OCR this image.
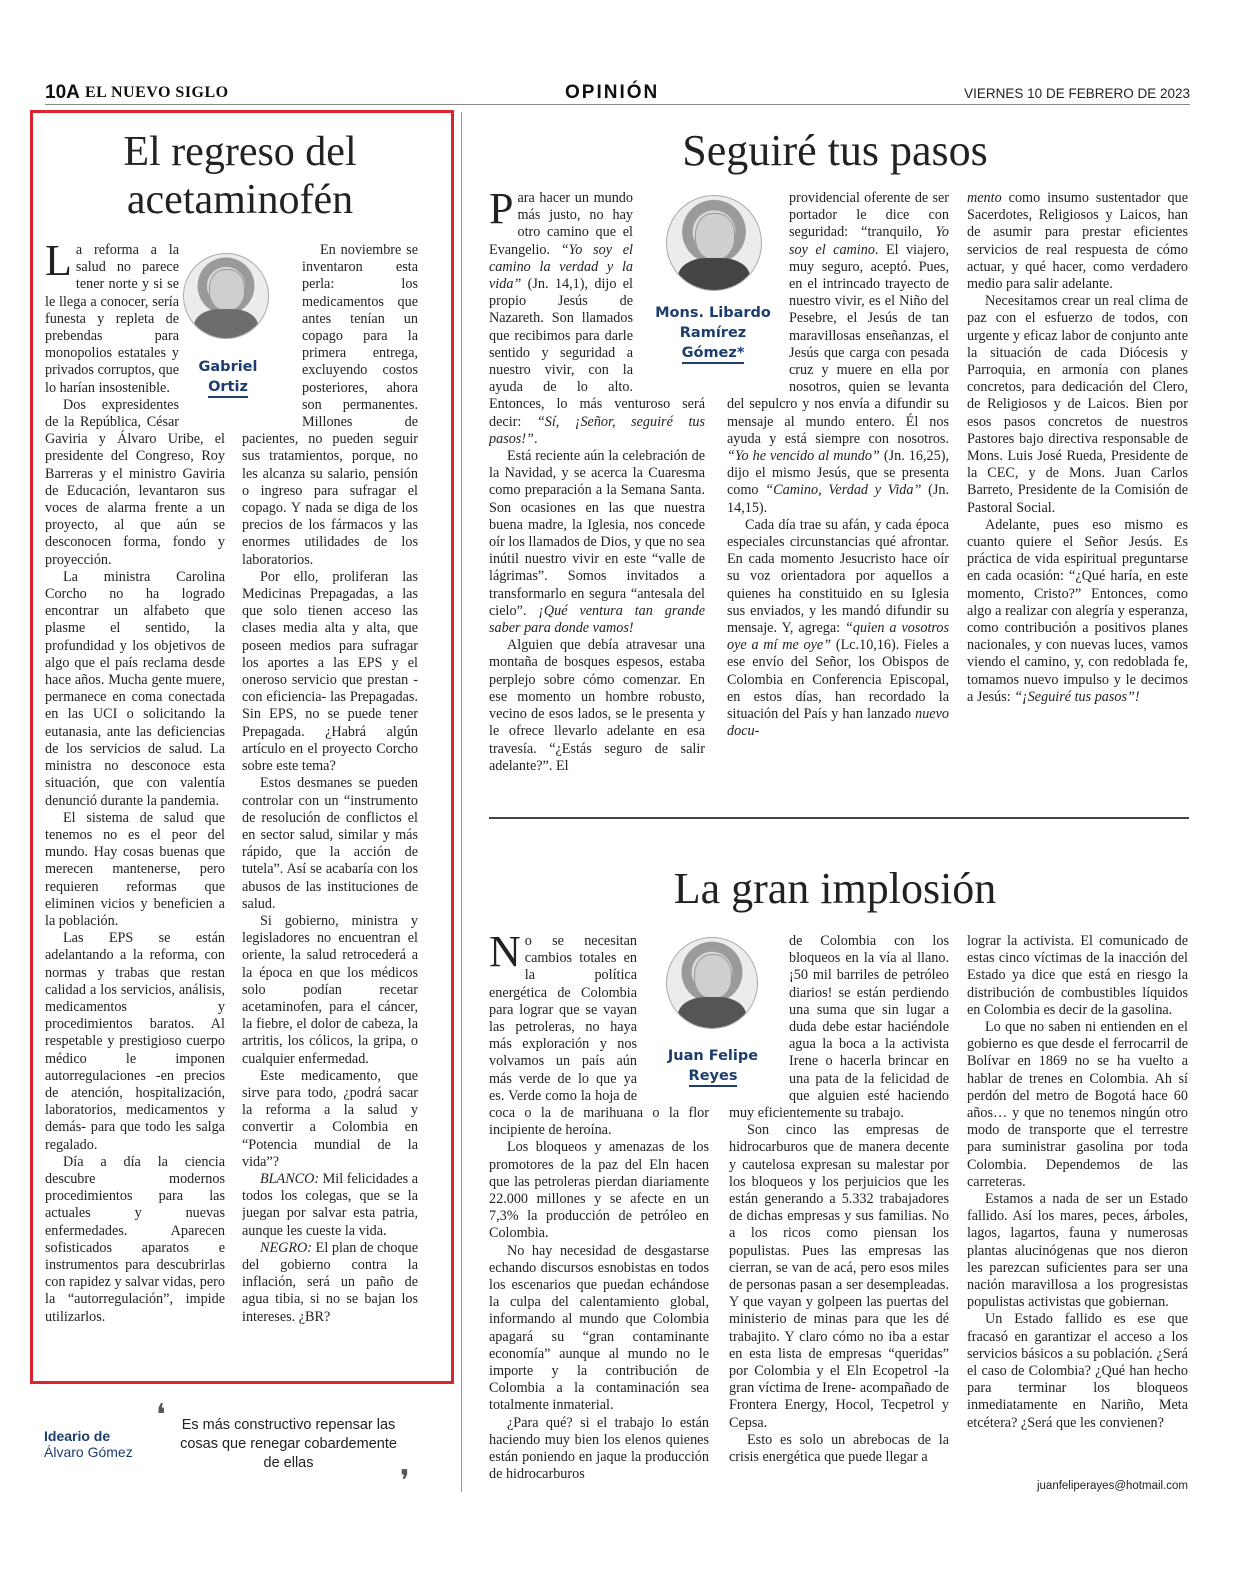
10A EL NUEVO SIGLO	OPINIÓN	VIERNES 10 DE FEBRERO DE 2023
El regreso del
acetaminofén
Gabriel
Ortiz

La reforma a la salud no parece tener norte y si se le llega a conocer, sería funesta y repleta de prebendas para monopolios estatales y privados corruptos, que lo harían insostenible.

Dos expresidentes de la República, César Gaviria y Álvaro Uribe, el presidente del Congreso, Roy Barreras y el ministro Gaviria de Educación, levantaron sus voces de alarma frente a un proyecto, al que aún se desconocen forma, fondo y proyección.

La ministra Carolina Corcho no ha logrado encontrar un alfabeto que plasme el sentido, la profundidad y los objetivos de algo que el país reclama desde hace años. Mucha gente muere, permanece en coma conectada en las UCI o solicitando la eutanasia, ante las deficiencias de los servicios de salud. La ministra no desconoce esta situación, que con valentía denunció durante la pandemia.

El sistema de salud que tenemos no es el peor del mundo. Hay cosas buenas que merecen mantenerse, pero requieren reformas que eliminen vicios y beneficien a la población.

Las EPS se están adelantando a la reforma, con normas y trabas que restan calidad a los servicios, análisis, medicamentos y procedimientos baratos. Al respetable y prestigioso cuerpo médico le imponen autorregulaciones -en precios de atención, hospitalización, laboratorios, medicamentos y demás- para que todo les salga regalado.

Día a día la ciencia descubre modernos procedimientos para las actuales y nuevas enfermedades. Aparecen sofisticados aparatos e instrumentos para descubrirlas con rapidez y salvar vidas, pero la “autorregulación”, impide utilizarlos.

En noviembre se inventaron esta perla: los medicamentos que antes tenían un copago para la primera entrega, excluyendo costos posteriores, ahora son permanentes. Millones de pacientes, no pueden seguir sus tratamientos, porque, no les alcanza su salario, pensión o ingreso para sufragar el copago. Y nada se diga de los precios de los fármacos y las enormes utilidades de los laboratorios.

Por ello, proliferan las Medicinas Prepagadas, a las que solo tienen acceso las clases media alta y alta, que poseen medios para sufragar los aportes a las EPS y el oneroso servicio que prestan -con eficiencia- las Prepagadas. Sin EPS, no se puede tener Prepagada. ¿Habrá algún artículo en el proyecto Corcho sobre este tema?

Estos desmanes se pueden controlar con un “instrumento de resolución de conflictos el en sector salud, similar y más rápido, que la acción de tutela”. Así se acabaría con los abusos de las instituciones de salud.

Si gobierno, ministra y legisladores no encuentran el oriente, la salud retrocederá a la época en que los médicos solo podían recetar acetaminofen, para el cáncer, la fiebre, el dolor de cabeza, la artritis, los cólicos, la gripa, o cualquier enfermedad.

Este medicamento, que sirve para todo, ¿podrá sacar la reforma a la salud y convertir a Colombia en “Potencia mundial de la vida”?

BLANCO: Mil felicidades a todos los colegas, que se la juegan por salvar esta patria, aunque les cueste la vida.

NEGRO: El plan de choque del gobierno contra la inflación, será un paño de agua tibia, si no se bajan los intereses. ¿BR?

Ideario de
Álvaro Gómez
❛	Es más constructivo repensar las cosas que renegar cobardemente de ellas
❜
Seguiré tus pasos
Mons. Libardo
Ramírez
Gómez*

Para hacer un mundo más justo, no hay otro camino que el Evangelio. “Yo soy el camino la verdad y la vida” (Jn. 14,1), dijo el propio Jesús de Nazareth. Son llamados que recibimos para darle sentido y seguridad a nuestro vivir, con la ayuda de lo alto. Entonces, lo más venturoso será decir: “Sí, ¡Señor, seguiré tus pasos!”.

Está reciente aún la celebración de la Navidad, y se acerca la Cuaresma como preparación a la Semana Santa. Son ocasiones en las que nuestra buena madre, la Iglesia, nos concede oír los llamados de Dios, y que no sea inútil nuestro vivir en este “valle de lágrimas”. Somos invitados a transformarlo en segura “antesala del cielo”. ¡Qué ventura tan grande saber para donde vamos!

Alguien que debía atravesar una montaña de bosques espesos, estaba perplejo sobre cómo comenzar. En ese momento un hombre robusto, vecino de esos lados, se le presenta y le ofrece llevarlo adelante en esa travesía. “¿Estás seguro de salir adelante?”. El

providencial oferente de ser portador le dice con seguridad: “tranquilo, Yo soy el camino. El viajero, muy seguro, aceptó. Pues, en el intrincado trayecto de nuestro vivir, es el Niño del Pesebre, el Jesús de tan maravillosas enseñanzas, el Jesús que carga con pesada cruz y muere en ella por nosotros, quien se levanta del sepulcro y nos envía a difundir su mensaje al mundo entero. Él nos ayuda y está siempre con nosotros. “Yo he vencido al mundo” (Jn. 16,25), dijo el mismo Jesús, que se presenta como “Camino, Verdad y Vida” (Jn. 14,15).

Cada día trae su afán, y cada época especiales circunstancias qué afrontar. En cada momento Jesucristo hace oír su voz orientadora por aquellos a quienes ha constituido en su Iglesia sus enviados, y les mandó difundir su mensaje. Y, agrega: “quien a vosotros oye a mí me oye” (Lc.10,16). Fieles a ese envío del Señor, los Obispos de Colombia en Conferencia Episcopal, en estos días, han recordado la situación del País y han lanzado nuevo docu-

mento como insumo sustentador que Sacerdotes, Religiosos y Laicos, han de asumir para prestar eficientes servicios de real respuesta de cómo actuar, y qué hacer, como verdadero medio para salir adelante.

Necesitamos crear un real clima de paz con el esfuerzo de todos, con urgente y eficaz labor de conjunto ante la situación de cada Diócesis y Parroquia, en armonía con planes concretos, para dedicación del Clero, de Religiosos y de Laicos. Bien por esos pasos concretos de nuestros Pastores bajo directiva responsable de Mons. Luis José Rueda, Presidente de la CEC, y de Mons. Juan Carlos Barreto, Presidente de la Comisión de Pastoral Social.

Adelante, pues eso mismo es cuanto quiere el Señor Jesús. Es práctica de vida espiritual preguntarse en cada ocasión: “¿Qué haría, en este momento, Cristo?” Entonces, como algo a realizar con alegría y esperanza, como contribución a positivos planes nacionales, y con nuevas luces, vamos viendo el camino, y, con redoblada fe, tomamos nuevo impulso y le decimos a Jesús: “¡Seguiré tus pasos”!

La gran implosión
Juan Felipe
Reyes

No se necesitan cambios totales en la política energética de Colombia para lograr que se vayan las petroleras, no haya más exploración y nos volvamos un país aún más verde de lo que ya es. Verde como la hoja de coca o la de marihuana o la flor incipiente de heroína.

Los bloqueos y amenazas de los promotores de la paz del Eln hacen que las petroleras pierdan diariamente 22.000 millones y se afecte en un 7,3% la producción de petróleo en Colombia.

No hay necesidad de desgastarse echando discursos esnobistas en todos los escenarios que puedan echándose la culpa del calentamiento global, informando al mundo que Colombia apagará su “gran contaminante economía” aunque al mundo no le importe y la contribución de Colombia a la contaminación sea totalmente inmaterial.

¿Para qué? si el trabajo lo están haciendo muy bien los elenos quienes están poniendo en jaque la producción de hidrocarburos

de Colombia con los bloqueos en la vía al llano. ¡50 mil barriles de petróleo diarios! se están perdiendo una suma que sin lugar a duda debe estar haciéndole agua la boca a la activista Irene o hacerla brincar en una pata de la felicidad de que alguien esté haciendo muy eficientemente su trabajo.

Son cinco las empresas de hidrocarburos que de manera decente y cautelosa expresan su malestar por los bloqueos y los perjuicios que les están generando a 5.332 trabajadores de dichas empresas y sus familias. No a los ricos como piensan los populistas. Pues las empresas las cierran, se van de acá, pero esos miles de personas pasan a ser desempleadas. Y que vayan y golpeen las puertas del ministerio de minas para que les dé trabajito. Y claro cómo no iba a estar en esta lista de empresas “queridas” por Colombia y el Eln Ecopetrol -la gran víctima de Irene- acompañado de Frontera Energy, Hocol, Tecpetrol y Cepsa.

Esto es solo un abrebocas de la crisis energética que puede llegar a

lograr la activista. El comunicado de estas cinco víctimas de la inacción del Estado ya dice que está en riesgo la distribución de combustibles líquidos en Colombia es decir de la gasolina.

Lo que no saben ni entienden en el gobierno es que desde el ferrocarril de Bolívar en 1869 no se ha vuelto a hablar de trenes en Colombia. Ah sí perdón del metro de Bogotá hace 60 años… y que no tenemos ningún otro modo de transporte que el terrestre para suministrar gasolina por toda Colombia. Dependemos de las carreteras.

Estamos a nada de ser un Estado fallido. Así los mares, peces, árboles, lagos, lagartos, fauna y numerosas plantas alucinógenas que nos dieron les parezcan suficientes para ser una nación maravillosa a los progresistas populistas activistas que gobiernan.

Un Estado fallido es ese que fracasó en garantizar el acceso a los servicios básicos a su población. ¿Será el caso de Colombia? ¿Qué han hecho para terminar los bloqueos inmediatamente en Nariño, Meta etcétera? ¿Será que les convienen?

juanfeliperayes@hotmail.com
